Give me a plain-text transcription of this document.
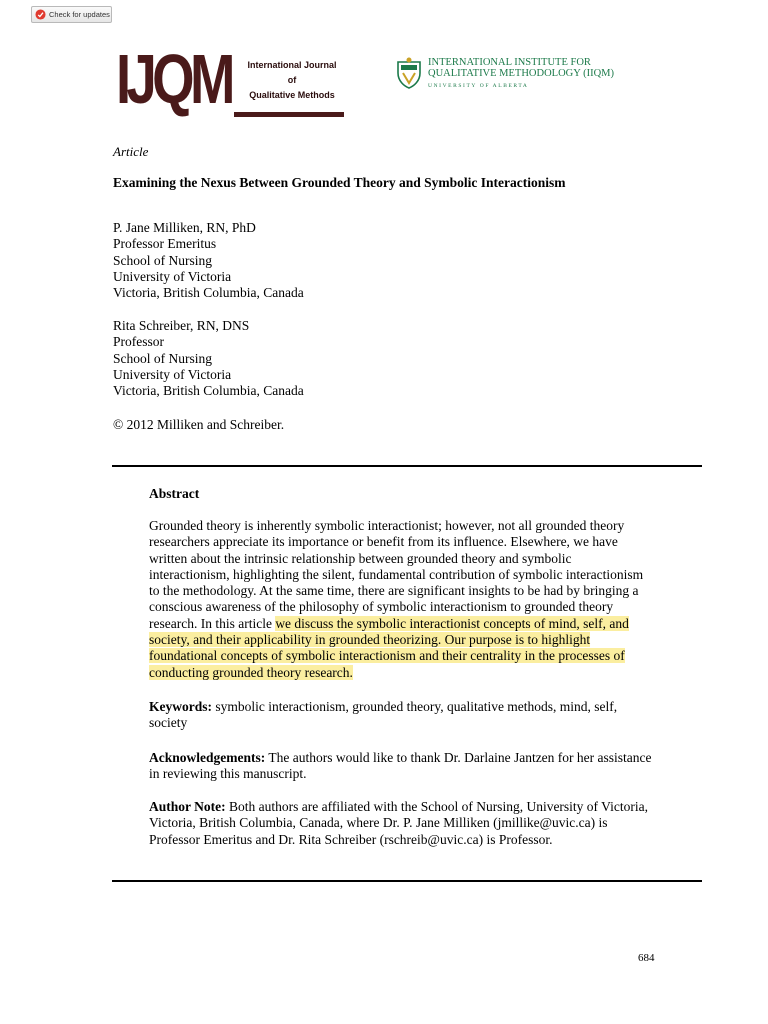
Check for updates
IJQM	International Journal
of
Qualitative Methods
INTERNATIONAL INSTITUTE FOR
QUALITATIVE METHODOLOGY (IIQM)
UNIVERSITY OF ALBERTA
Article
Examining the Nexus Between Grounded Theory and Symbolic Interactionism
P. Jane Milliken, RN, PhD
Professor Emeritus
School of Nursing
University of Victoria
Victoria, British Columbia, Canada
Rita Schreiber, RN, DNS
Professor
School of Nursing
University of Victoria
Victoria, British Columbia, Canada
© 2012 Milliken and Schreiber.
Abstract
Grounded theory is inherently symbolic interactionist; however, not all grounded theory
researchers appreciate its importance or benefit from its influence. Elsewhere, we have
written about the intrinsic relationship between grounded theory and symbolic
interactionism, highlighting the silent, fundamental contribution of symbolic interactionism
to the methodology. At the same time, there are significant insights to be had by bringing a
conscious awareness of the philosophy of symbolic interactionism to grounded theory
research. In this article we discuss the symbolic interactionist concepts of mind, self, and
society, and their applicability in grounded theorizing. Our purpose is to highlight
foundational concepts of symbolic interactionism and their centrality in the processes of
conducting grounded theory research.
Keywords: symbolic interactionism, grounded theory, qualitative methods, mind, self,
society
Acknowledgements: The authors would like to thank Dr. Darlaine Jantzen for her assistance
in reviewing this manuscript.
Author Note: Both authors are affiliated with the School of Nursing, University of Victoria,
Victoria, British Columbia, Canada, where Dr. P. Jane Milliken (jmillike@uvic.ca) is
Professor Emeritus and Dr. Rita Schreiber (rschreib@uvic.ca) is Professor.
684
